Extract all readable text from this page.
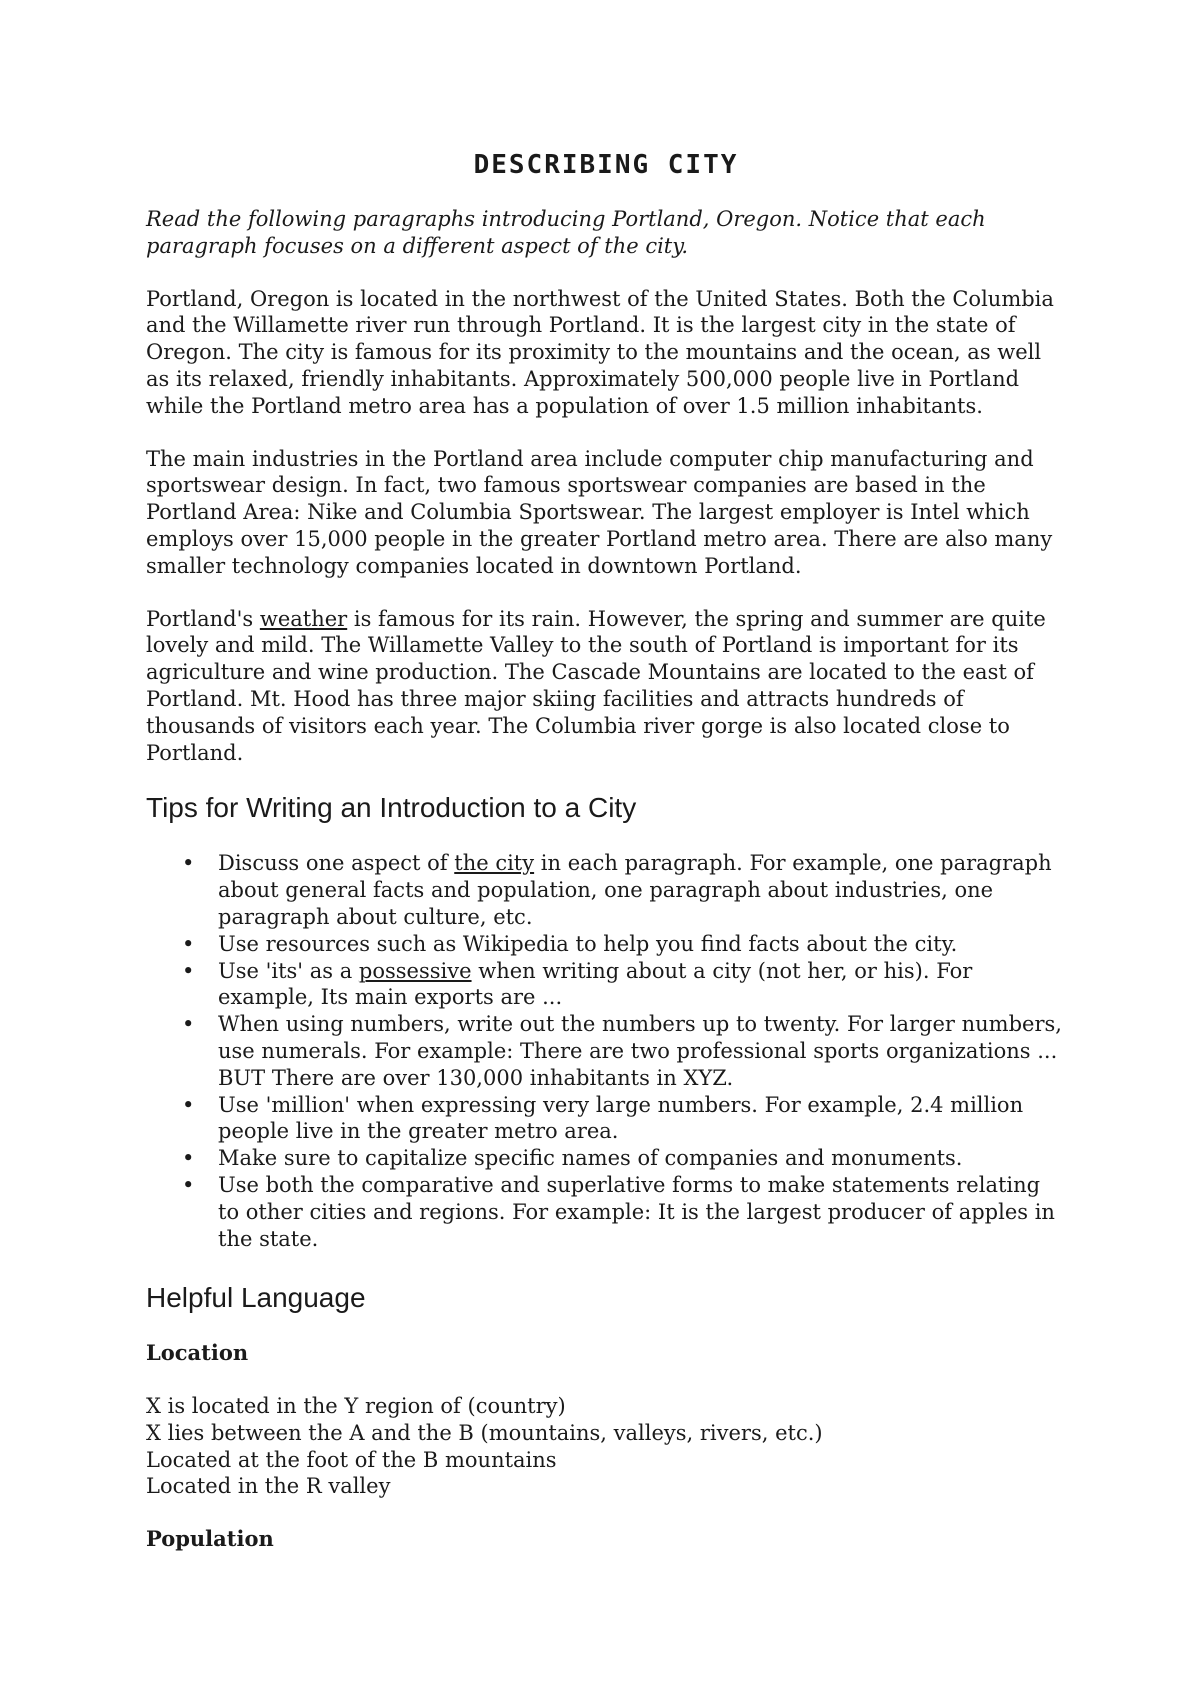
DESCRIBING CITY

Read the following paragraphs introducing Portland, Oregon. Notice that each paragraph focuses on a different aspect of the city.

Portland, Oregon is located in the northwest of the United States. Both the Columbia and the Willamette river run through Portland. It is the largest city in the state of Oregon. The city is famous for its proximity to the mountains and the ocean, as well as its relaxed, friendly inhabitants. Approximately 500,000 people live in Portland while the Portland metro area has a population of over 1.5 million inhabitants.

The main industries in the Portland area include computer chip manufacturing and sportswear design. In fact, two famous sportswear companies are based in the Portland Area: Nike and Columbia Sportswear. The largest employer is Intel which employs over 15,000 people in the greater Portland metro area. There are also many smaller technology companies located in downtown Portland.

Portland's weather is famous for its rain. However, the spring and summer are quite lovely and mild. The Willamette Valley to the south of Portland is important for its agriculture and wine production. The Cascade Mountains are located to the east of Portland. Mt. Hood has three major skiing facilities and attracts hundreds of thousands of visitors each year. The Columbia river gorge is also located close to Portland.

Tips for Writing an Introduction to a City
• Discuss one aspect of the city in each paragraph. For example, one paragraph about general facts and population, one paragraph about industries, one paragraph about culture, etc.
• Use resources such as Wikipedia to help you find facts about the city.
• Use 'its' as a possessive when writing about a city (not her, or his). For example, Its main exports are ...
• When using numbers, write out the numbers up to twenty. For larger numbers, use numerals. For example: There are two professional sports organizations ... BUT There are over 130,000 inhabitants in XYZ.
• Use 'million' when expressing very large numbers. For example, 2.4 million people live in the greater metro area.
• Make sure to capitalize specific names of companies and monuments.
• Use both the comparative and superlative forms to make statements relating to other cities and regions. For example: It is the largest producer of apples in the state.
Helpful Language
Location
X is located in the Y region of (country)
X lies between the A and the B (mountains, valleys, rivers, etc.)
Located at the foot of the B mountains
Located in the R valley
Population
